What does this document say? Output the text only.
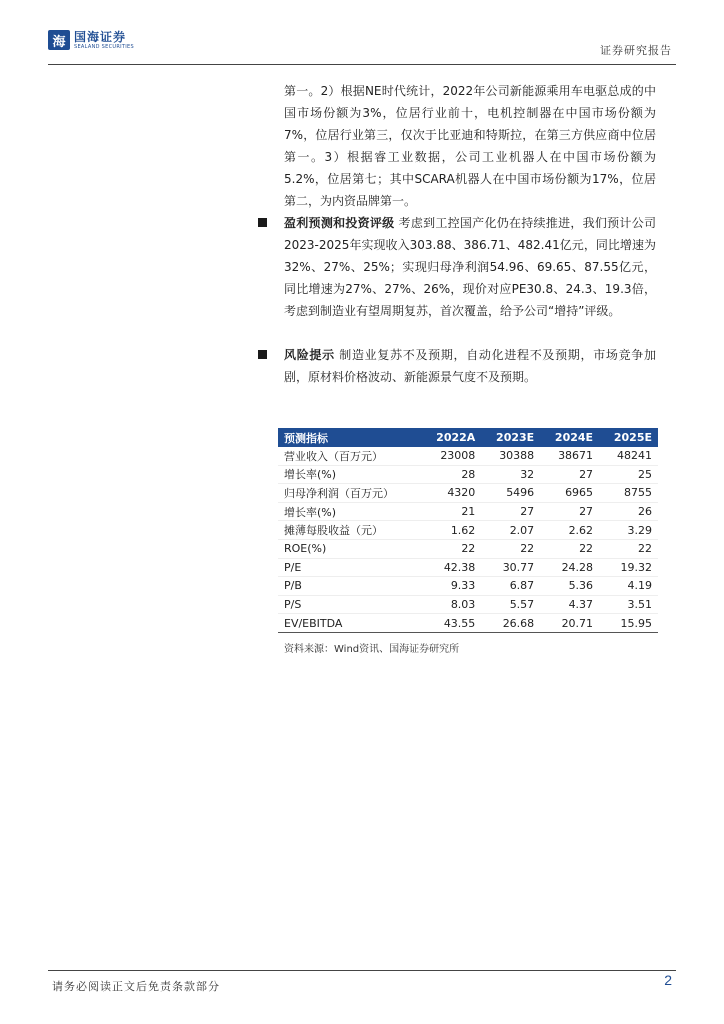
海 国海证券
SEALAND SECURITIES	证券研究报告
第一。2）根据NE时代统计，2022年公司新能源乘用车电驱总成的中国市场份额为3%，位居行业前十，电机控制器在中国市场份额为7%，位居行业第三，仅次于比亚迪和特斯拉，在第三方供应商中位居第一。3）根据睿工业数据，公司工业机器人在中国市场份额为5.2%，位居第七；其中SCARA机器人在中国市场份额为17%，位居第二，为内资品牌第一。
盈利预测和投资评级 考虑到工控国产化仍在持续推进，我们预计公司2023-2025年实现收入303.88、386.71、482.41亿元，同比增速为32%、27%、25%；实现归母净利润54.96、69.65、87.55亿元，同比增速为27%、27%、26%，现价对应PE30.8、24.3、19.3倍，考虑到制造业有望周期复苏，首次覆盖，给予公司“增持”评级。
风险提示 制造业复苏不及预期，自动化进程不及预期，市场竞争加剧，原材料价格波动、新能源景气度不及预期。
预测指标	2022A	2023E	2024E	2025E
营业收入（百万元）	23008	30388	38671	48241
增长率(%)	28	32	27	25
归母净利润（百万元）	4320	5496	6965	8755
增长率(%)	21	27	27	26
摊薄每股收益（元）	1.62	2.07	2.62	3.29
ROE(%)	22	22	22	22
P/E	42.38	30.77	24.28	19.32
P/B	9.33	6.87	5.36	4.19
P/S	8.03	5.57	4.37	3.51
EV/EBITDA	43.55	26.68	20.71	15.95
资料来源：Wind资讯、国海证券研究所
请务必阅读正文后免责条款部分	2
